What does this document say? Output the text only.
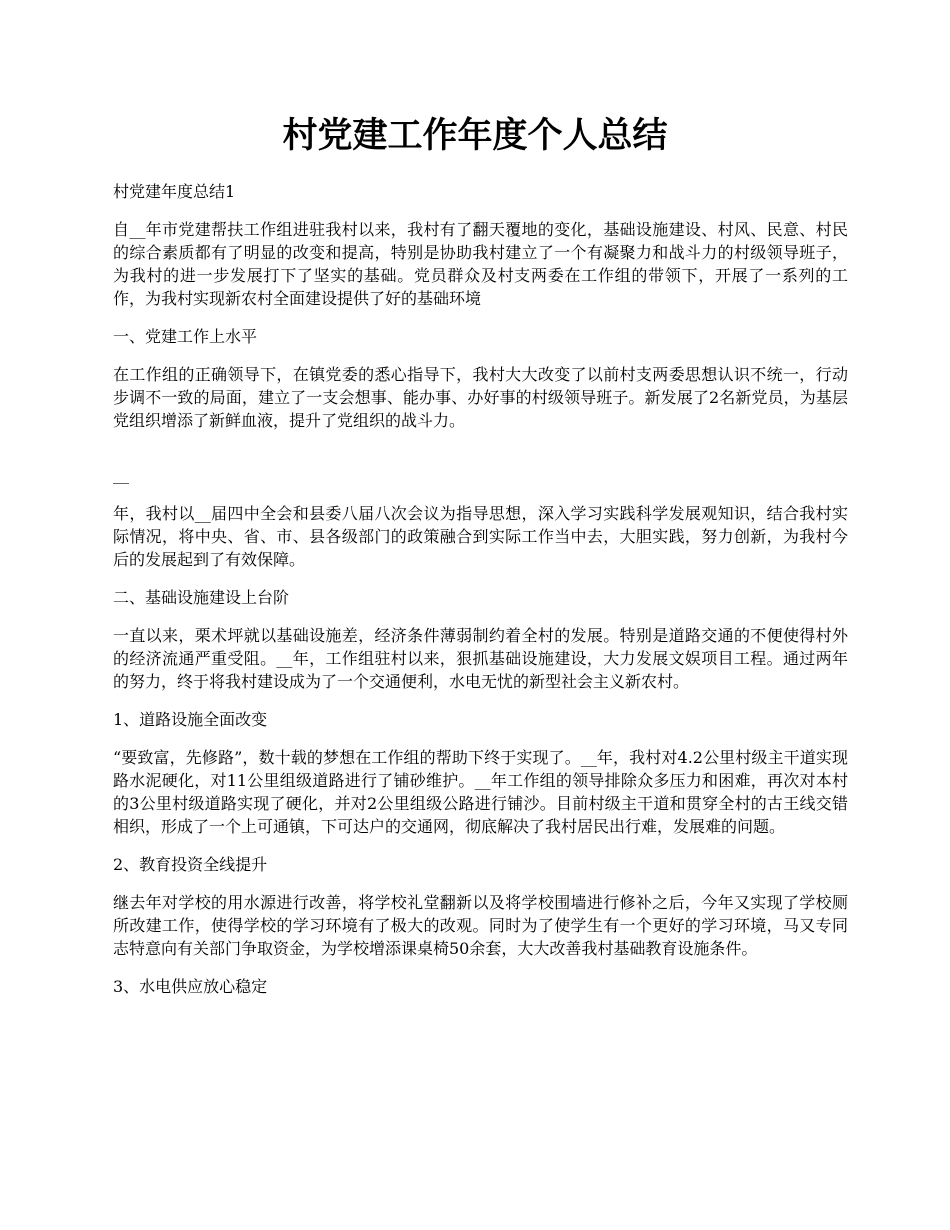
村党建工作年度个人总结

村党建年度总结1

自__年市党建帮扶工作组进驻我村以来，我村有了翻天覆地的变化，基础设施建设、村风、民意、村民的综合素质都有了明显的改变和提高，特别是协助我村建立了一个有凝聚力和战斗力的村级领导班子，为我村的进一步发展打下了坚实的基础。党员群众及村支两委在工作组的带领下，开展了一系列的工作，为我村实现新农村全面建设提供了好的基础环境

一、党建工作上水平

在工作组的正确领导下，在镇党委的悉心指导下，我村大大改变了以前村支两委思想认识不统一，行动步调不一致的局面，建立了一支会想事、能办事、办好事的村级领导班子。新发展了2名新党员，为基层党组织增添了新鲜血液，提升了党组织的战斗力。

__

年，我村以__届四中全会和县委八届八次会议为指导思想，深入学习实践科学发展观知识，结合我村实际情况，将中央、省、市、县各级部门的政策融合到实际工作当中去，大胆实践，努力创新，为我村今后的发展起到了有效保障。

二、基础设施建设上台阶

一直以来，栗术坪就以基础设施差，经济条件薄弱制约着全村的发展。特别是道路交通的不便使得村外的经济流通严重受阻。__年，工作组驻村以来，狠抓基础设施建设，大力发展文娱项目工程。通过两年的努力，终于将我村建设成为了一个交通便利，水电无忧的新型社会主义新农村。

1、道路设施全面改变

“要致富，先修路”，数十载的梦想在工作组的帮助下终于实现了。__年，我村对4.2公里村级主干道实现路水泥硬化，对11公里组级道路进行了铺砂维护。__年工作组的领导排除众多压力和困难，再次对本村的3公里村级道路实现了硬化，并对2公里组级公路进行铺沙。目前村级主干道和贯穿全村的古王线交错相织，形成了一个上可通镇，下可达户的交通网，彻底解决了我村居民出行难，发展难的问题。

2、教育投资全线提升

继去年对学校的用水源进行改善，将学校礼堂翻新以及将学校围墙进行修补之后，今年又实现了学校厕所改建工作，使得学校的学习环境有了极大的改观。同时为了使学生有一个更好的学习环境，马又专同志特意向有关部门争取资金，为学校增添课桌椅50余套，大大改善我村基础教育设施条件。

3、水电供应放心稳定
